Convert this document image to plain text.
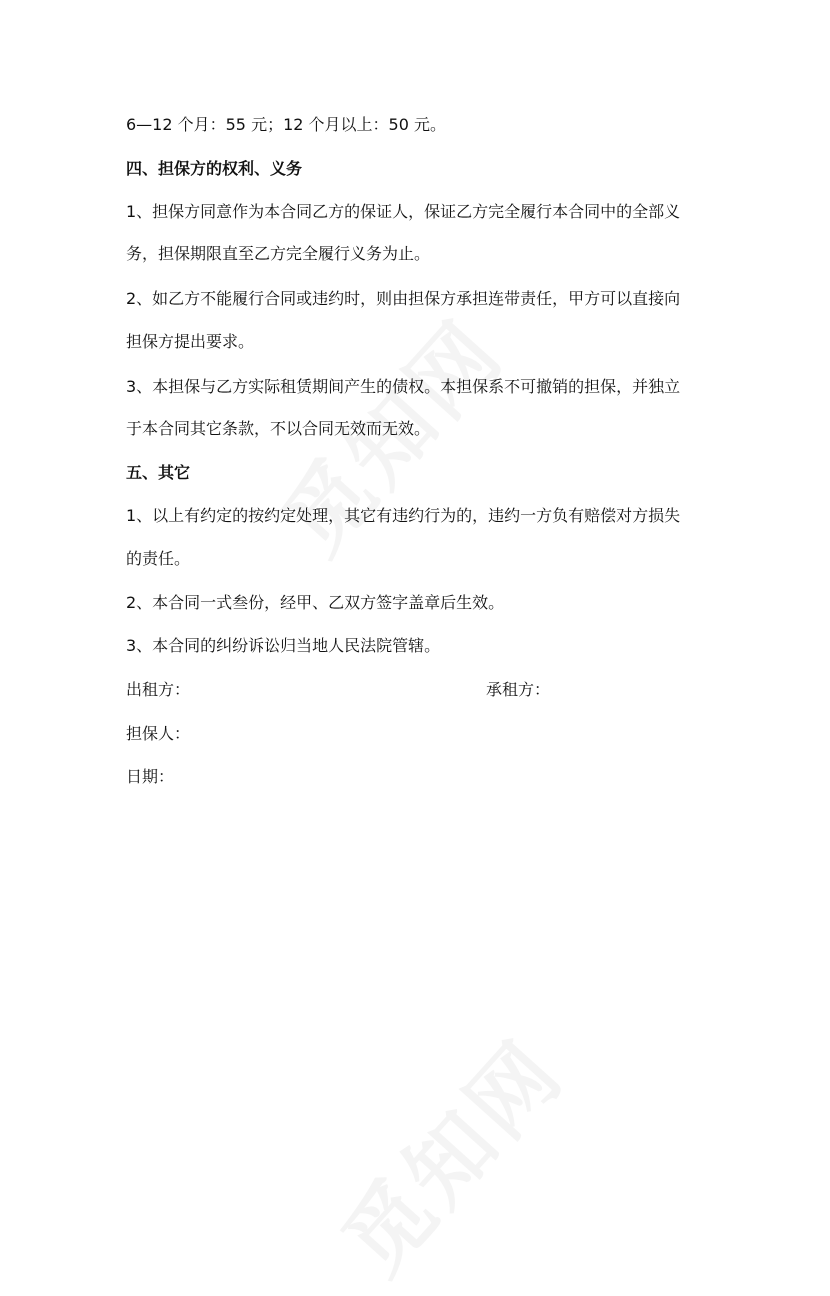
6—12 个月：55 元；12 个月以上：50 元。
四、担保方的权利、义务
1、担保方同意作为本合同乙方的保证人，保证乙方完全履行本合同中的全部义
务，担保期限直至乙方完全履行义务为止。
2、如乙方不能履行合同或违约时，则由担保方承担连带责任，甲方可以直接向
担保方提出要求。
3、本担保与乙方实际租赁期间产生的债权。本担保系不可撤销的担保，并独立
于本合同其它条款，不以合同无效而无效。
五、其它
1、以上有约定的按约定处理，其它有违约行为的，违约一方负有赔偿对方损失
的责任。
2、本合同一式叁份，经甲、乙双方签字盖章后生效。
3、本合同的纠纷诉讼归当地人民法院管辖。
出租方：	承租方：
担保人：
日期：
